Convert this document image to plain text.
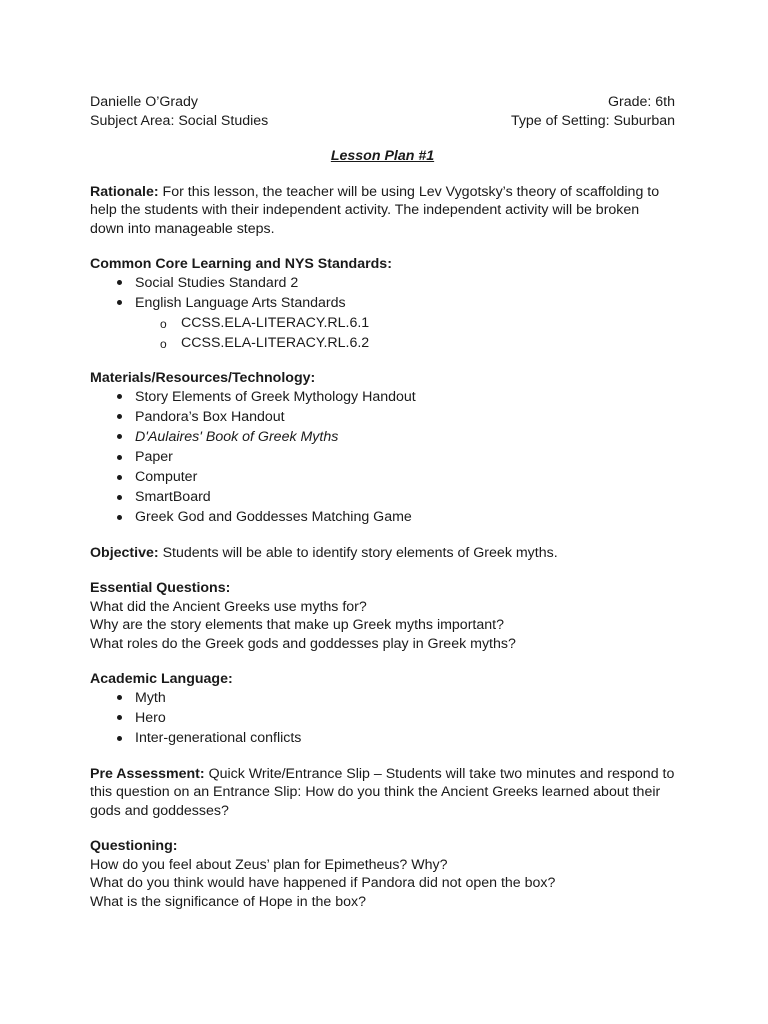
Danielle O’Grady	Grade: 6th
Subject Area: Social Studies	Type of Setting: Suburban
Lesson Plan #1
Rationale: For this lesson, the teacher will be using Lev Vygotsky’s theory of scaffolding to help the students with their independent activity. The independent activity will be broken down into manageable steps.
Common Core Learning and NYS Standards:
Social Studies Standard 2
English Language Arts Standards
o CCSS.ELA-LITERACY.RL.6.1
o CCSS.ELA-LITERACY.RL.6.2
Materials/Resources/Technology:
Story Elements of Greek Mythology Handout
Pandora’s Box Handout
D'Aulaires' Book of Greek Myths
Paper
Computer
SmartBoard
Greek God and Goddesses Matching Game
Objective: Students will be able to identify story elements of Greek myths.
Essential Questions:
What did the Ancient Greeks use myths for?
Why are the story elements that make up Greek myths important?
What roles do the Greek gods and goddesses play in Greek myths?
Academic Language:
Myth
Hero
Inter-generational conflicts
Pre Assessment: Quick Write/Entrance Slip – Students will take two minutes and respond to this question on an Entrance Slip: How do you think the Ancient Greeks learned about their gods and goddesses?
Questioning:
How do you feel about Zeus’ plan for Epimetheus? Why?
What do you think would have happened if Pandora did not open the box?
What is the significance of Hope in the box?
